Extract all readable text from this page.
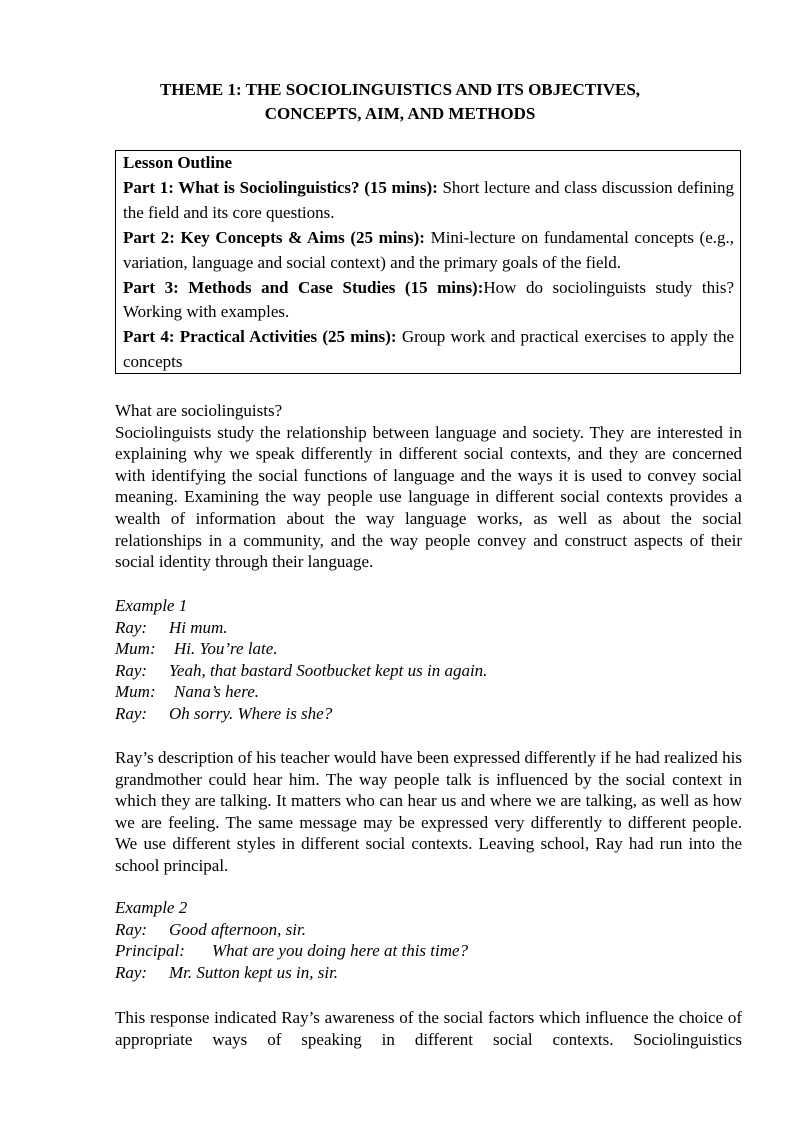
THEME 1: THE SOCIOLINGUISTICS AND ITS OBJECTIVES,
CONCEPTS, AIM, AND METHODS

Lesson Outline

Part 1: What is Sociolinguistics? (15 mins): Short lecture and class discussion defining the field and its core questions.

Part 2: Key Concepts & Aims (25 mins): Mini-lecture on fundamental concepts (e.g., variation, language and social context) and the primary goals of the field.

Part 3: Methods and Case Studies (15 mins):How do sociolinguists study this? Working with examples.

Part 4: Practical Activities (25 mins): Group work and practical exercises to apply the concepts

What are sociolinguists?

Sociolinguists study the relationship between language and society. They are interested in explaining why we speak differently in different social contexts, and they are concerned with identifying the social functions of language and the ways it is used to convey social meaning. Examining the way people use language in different social contexts provides a wealth of information about the way language works, as well as about the social relationships in a community, and the way people convey and construct aspects of their social identity through their language.

Example 1
Ray: Hi mum.
Mum: Hi. You’re late.
Ray: Yeah, that bastard Sootbucket kept us in again.
Mum: Nana’s here.
Ray: Oh sorry. Where is she?

Ray’s description of his teacher would have been expressed differently if he had realized his grandmother could hear him. The way people talk is influenced by the social context in which they are talking. It matters who can hear us and where we are talking, as well as how we are feeling. The same message may be expressed very differently to different people. We use different styles in different social contexts. Leaving school, Ray had run into the school principal.

Example 2
Ray: Good afternoon, sir.
Principal: What are you doing here at this time?
Ray: Mr. Sutton kept us in, sir.

This response indicated Ray’s awareness of the social factors which influence the choice of appropriate ways of speaking in different social contexts. Sociolinguistics
